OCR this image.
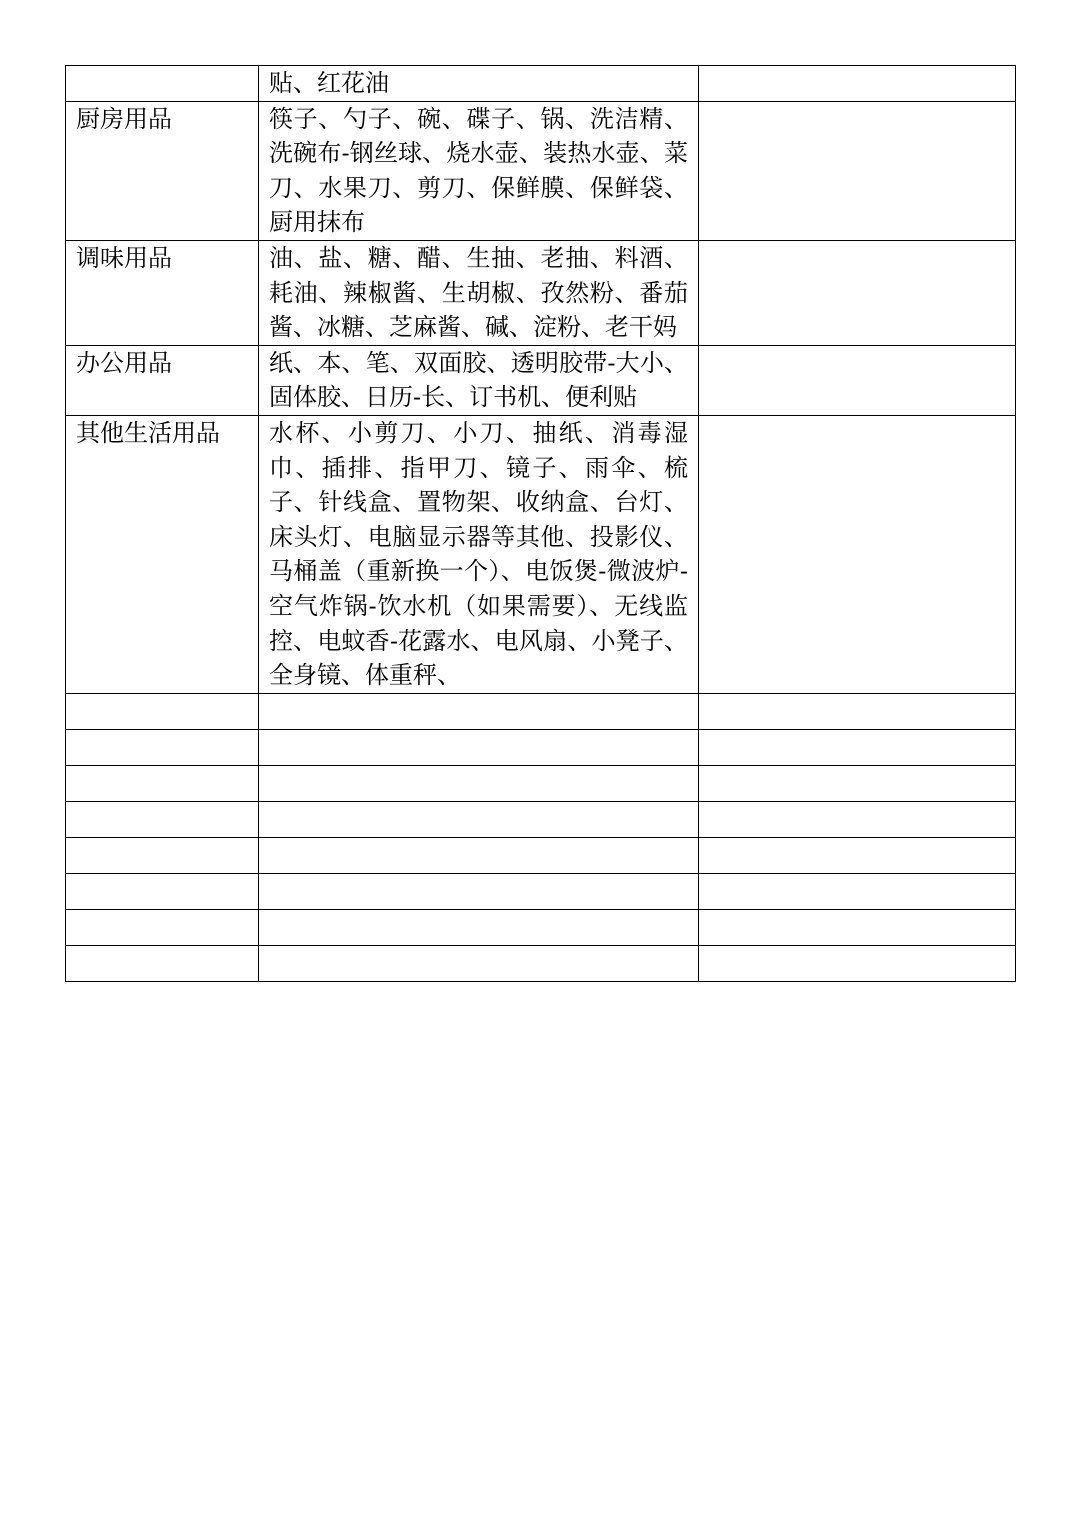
	贴、红花油	
厨房用品	筷子、勺子、碗、碟子、锅、洗洁精、洗碗布-钢丝球、烧水壶、装热水壶、菜刀、水果刀、剪刀、保鲜膜、保鲜袋、厨用抹布	
调味用品	油、盐、糖、醋、生抽、老抽、料酒、耗油、辣椒酱、生胡椒、孜然粉、番茄酱、冰糖、芝麻酱、碱、淀粉、老干妈	
办公用品	纸、本、笔、双面胶、透明胶带-大小、固体胶、日历-长、订书机、便利贴	
其他生活用品	水杯、小剪刀、小刀、抽纸、消毒湿巾、插排、指甲刀、镜子、雨伞、梳子、针线盒、置物架、收纳盒、台灯、床头灯、电脑显示器等其他、投影仪、马桶盖（重新换一个）、电饭煲-微波炉-空气炸锅-饮水机（如果需要）、无线监控、电蚊香-花露水、电风扇、小凳子、全身镜、体重秤、	
